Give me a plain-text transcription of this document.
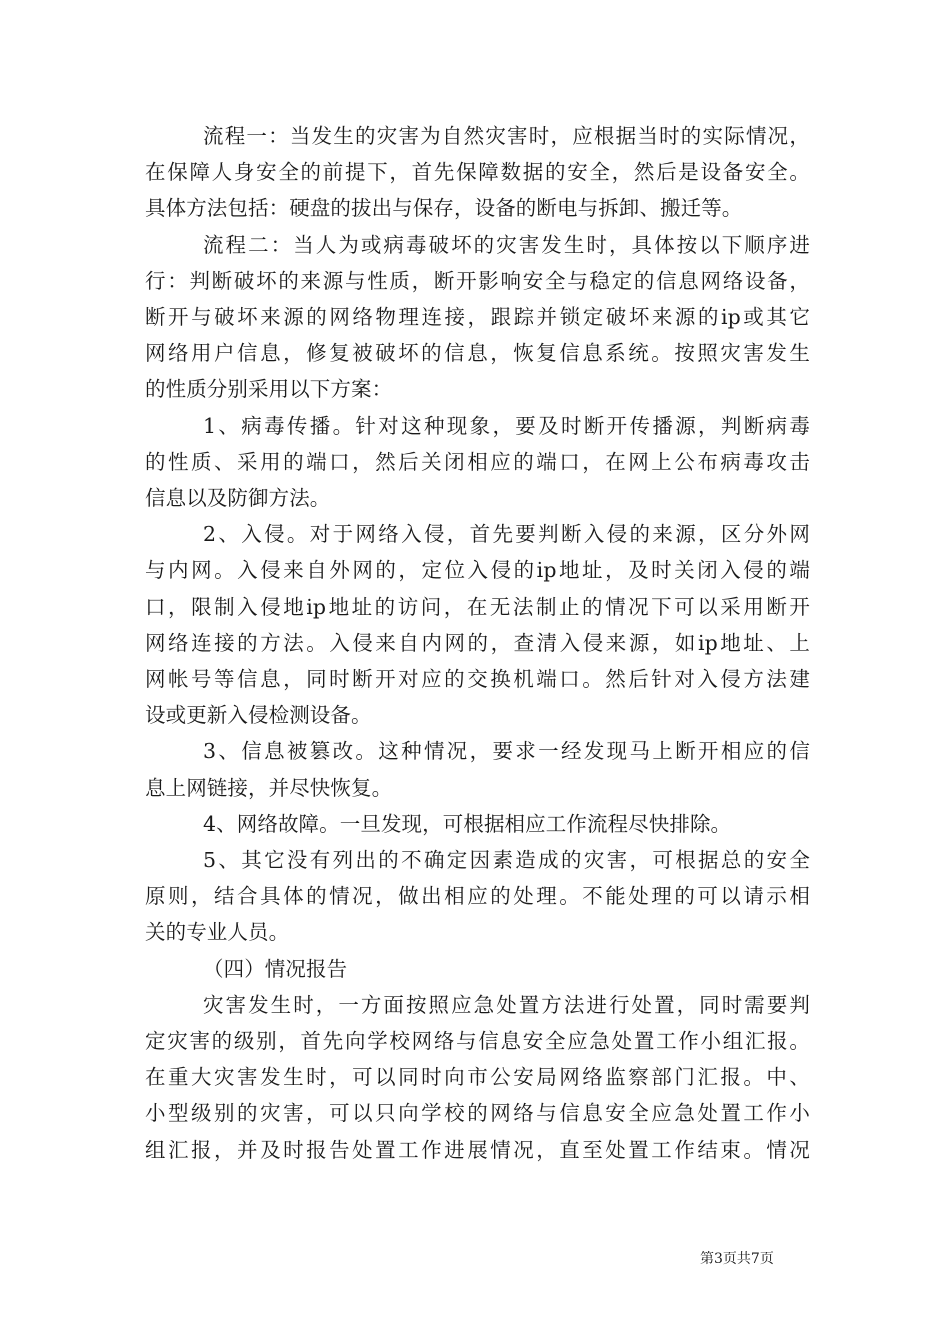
流程一：当发生的灾害为自然灾害时，应根据当时的实际情况，
在保障人身安全的前提下，首先保障数据的安全，然后是设备安全。
具体方法包括：硬盘的拔出与保存，设备的断电与拆卸、搬迁等。

流程二：当人为或病毒破坏的灾害发生时，具体按以下顺序进
行：判断破坏的来源与性质，断开影响安全与稳定的信息网络设备，
断开与破坏来源的网络物理连接，跟踪并锁定破坏来源的ip或其它
网络用户信息，修复被破坏的信息，恢复信息系统。按照灾害发生
的性质分别采用以下方案：

1、病毒传播。针对这种现象，要及时断开传播源，判断病毒
的性质、采用的端口，然后关闭相应的端口，在网上公布病毒攻击
信息以及防御方法。

2、入侵。对于网络入侵，首先要判断入侵的来源，区分外网
与内网。入侵来自外网的，定位入侵的ip地址，及时关闭入侵的端
口，限制入侵地ip地址的访问，在无法制止的情况下可以采用断开
网络连接的方法。入侵来自内网的，查清入侵来源，如ip地址、上
网帐号等信息，同时断开对应的交换机端口。然后针对入侵方法建
设或更新入侵检测设备。

3、信息被篡改。这种情况，要求一经发现马上断开相应的信
息上网链接，并尽快恢复。

4、网络故障。一旦发现，可根据相应工作流程尽快排除。

5、其它没有列出的不确定因素造成的灾害，可根据总的安全
原则，结合具体的情况，做出相应的处理。不能处理的可以请示相
关的专业人员。

（四）情况报告

灾害发生时，一方面按照应急处置方法进行处置，同时需要判
定灾害的级别，首先向学校网络与信息安全应急处置工作小组汇报。
在重大灾害发生时，可以同时向市公安局网络监察部门汇报。中、
小型级别的灾害，可以只向学校的网络与信息安全应急处置工作小
组汇报，并及时报告处置工作进展情况，直至处置工作结束。情况

第3页共7页
